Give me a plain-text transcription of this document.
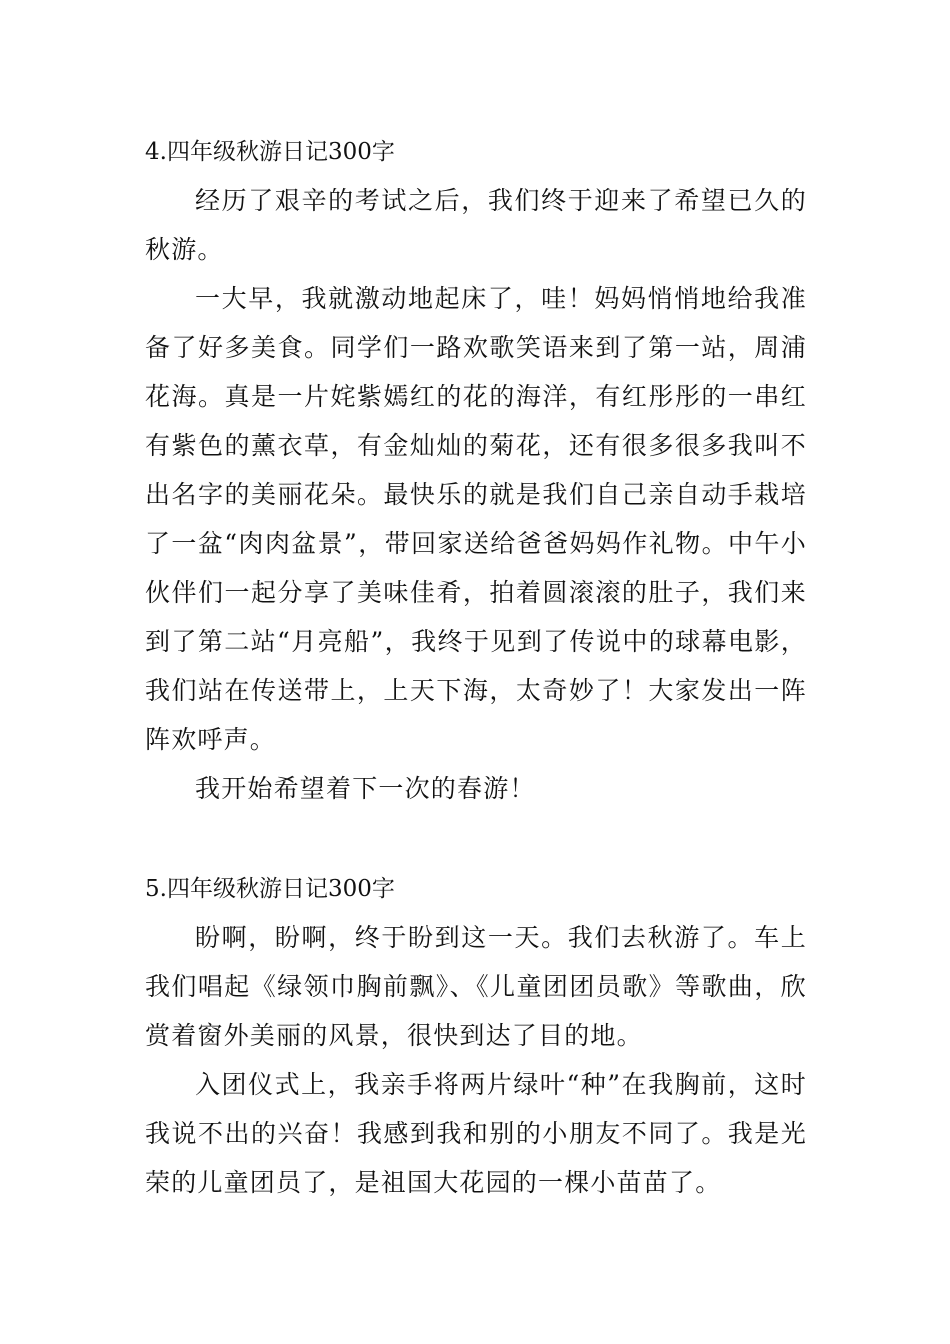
4.四年级秋游日记300字

经历了艰辛的考试之后，我们终于迎来了希望已久的秋游。

一大早，我就激动地起床了，哇！妈妈悄悄地给我准备了好多美食。同学们一路欢歌笑语来到了第一站，周浦花海。真是一片姹紫嫣红的花的海洋，有红彤彤的一串红有紫色的薰衣草，有金灿灿的菊花，还有很多很多我叫不出名字的美丽花朵。最快乐的就是我们自己亲自动手栽培了一盆“肉肉盆景”，带回家送给爸爸妈妈作礼物。中午小伙伴们一起分享了美味佳肴，拍着圆滚滚的肚子，我们来到了第二站“月亮船”，我终于见到了传说中的球幕电影，我们站在传送带上，上天下海，太奇妙了！大家发出一阵阵欢呼声。

我开始希望着下一次的春游！

5.四年级秋游日记300字

盼啊，盼啊，终于盼到这一天。我们去秋游了。车上我们唱起《绿领巾胸前飘》、《儿童团团员歌》等歌曲，欣赏着窗外美丽的风景，很快到达了目的地。

入团仪式上，我亲手将两片绿叶“种”在我胸前，这时我说不出的兴奋！我感到我和别的小朋友不同了。我是光荣的儿童团员了，是祖国大花园的一棵小苗苗了。
